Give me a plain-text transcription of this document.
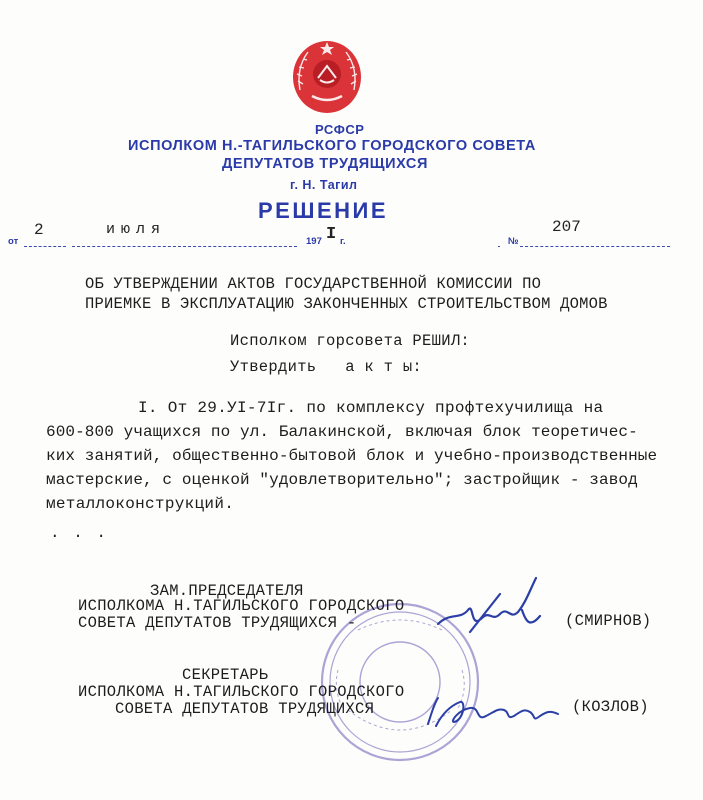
РСФСР
ИСПОЛКОМ Н.-ТАГИЛЬСКОГО ГОРОДСКОГО СОВЕТА
ДЕПУТАТОВ ТРУДЯЩИХСЯ
г. Н. Тагил
РЕШЕНИЕ
от
2	июля
197 I г.	№
207
ОБ УТВЕРЖДЕНИИ АКТОВ ГОСУДАРСТВЕННОЙ КОМИССИИ ПО
ПРИЕМКЕ В ЭКСПЛУАТАЦИЮ ЗАКОНЧЕННЫХ СТРОИТЕЛЬСТВОМ ДОМОВ
Исполком горсовета РЕШИЛ:
Утвердить   а к т ы:
I. От 29.УI-7Iг. по комплексу профтехучилища на
600-800 учащихся по ул. Балакинской, включая блок теоретичес-
ких занятий, общественно-бытовой блок и учебно-производственные
мастерские, с оценкой "удовлетворительно"; застройщик - завод
металлоконструкций.
. . .
ЗАМ.ПРЕДСЕДАТЕЛЯ
ИСПОЛКОМА Н.ТАГИЛЬСКОГО ГОРОДСКОГО
СОВЕТА ДЕПУТАТОВ ТРУДЯЩИХСЯ -	(СМИРНОВ)
СЕКРЕТАРЬ
ИСПОЛКОМА Н.ТАГИЛЬСКОГО ГОРОДСКОГО
СОВЕТА ДЕПУТАТОВ ТРУДЯЩИХСЯ	(КОЗЛОВ)
